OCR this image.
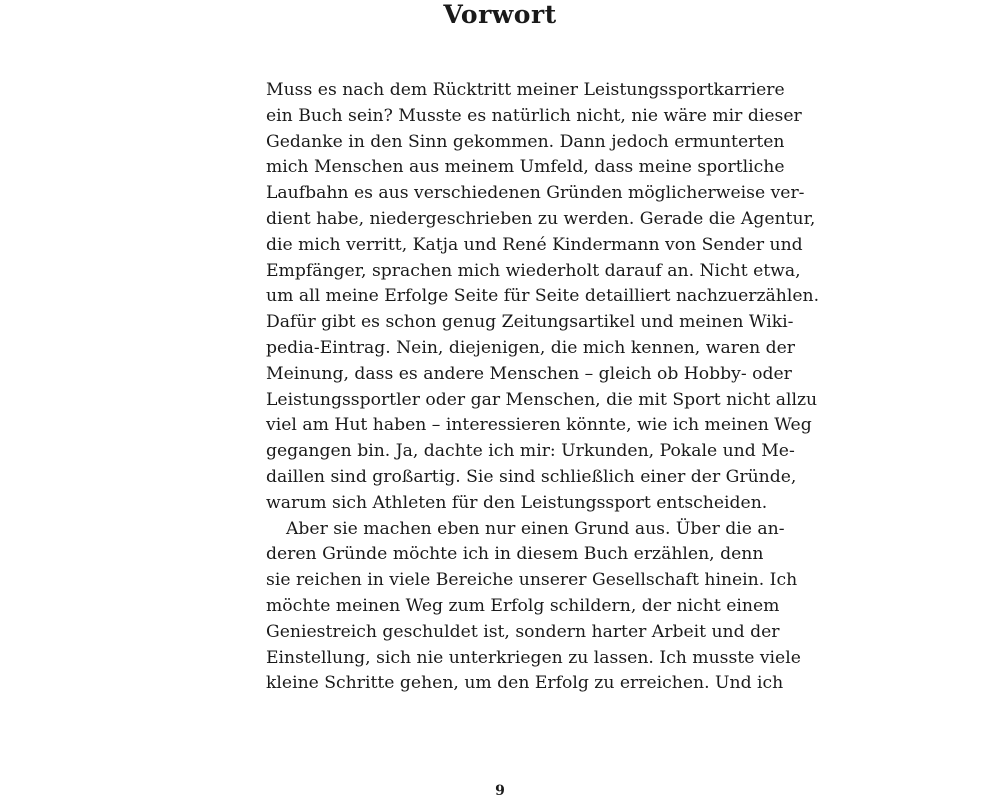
Vorwort
Muss es nach dem Rücktritt meiner Leistungssportkarriere
ein Buch sein? Musste es natürlich nicht, nie wäre mir dieser
Gedanke in den Sinn gekommen. Dann jedoch ermunterten
mich Menschen aus meinem Umfeld, dass meine sportliche
Laufbahn es aus verschiedenen Gründen möglicherweise ver-
dient habe, niedergeschrieben zu werden. Gerade die Agentur,
die mich verritt, Katja und René Kindermann von Sender und
Empfänger, sprachen mich wiederholt darauf an. Nicht etwa,
um all meine Erfolge Seite für Seite detailliert nachzuerzählen.
Dafür gibt es schon genug Zeitungsartikel und meinen Wiki-
pedia-Eintrag. Nein, diejenigen, die mich kennen, waren der
Meinung, dass es andere Menschen – gleich ob Hobby- oder
Leistungssportler oder gar Menschen, die mit Sport nicht allzu
viel am Hut haben – interessieren könnte, wie ich meinen Weg
gegangen bin. Ja, dachte ich mir: Urkunden, Pokale und Me-
daillen sind großartig. Sie sind schließlich einer der Gründe,
warum sich Athleten für den Leistungssport entscheiden.
Aber sie machen eben nur einen Grund aus. Über die an-
deren Gründe möchte ich in diesem Buch erzählen, denn
sie reichen in viele Bereiche unserer Gesellschaft hinein. Ich
möchte meinen Weg zum Erfolg schildern, der nicht einem
Geniestreich geschuldet ist, sondern harter Arbeit und der
Einstellung, sich nie unterkriegen zu lassen. Ich musste viele
kleine Schritte gehen, um den Erfolg zu erreichen. Und ich
9
